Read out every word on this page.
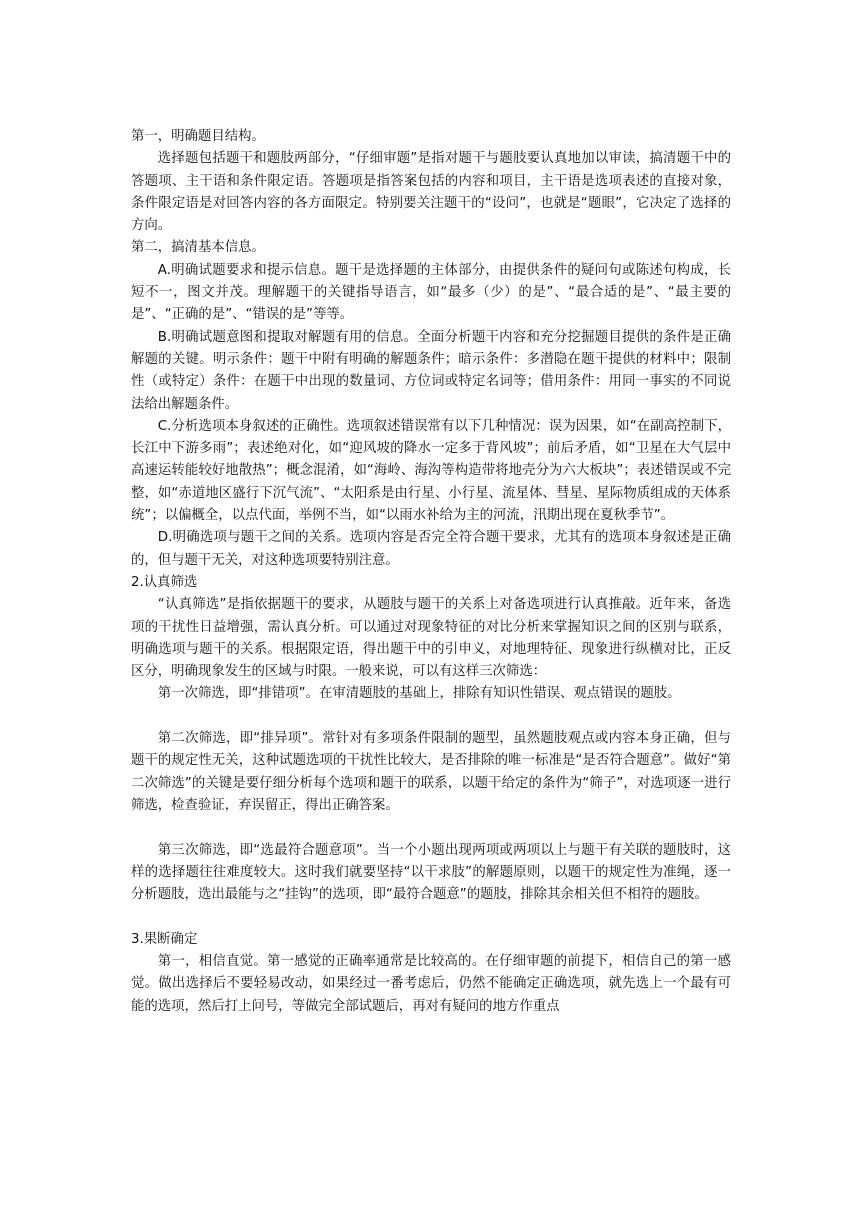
第一，明确题目结构。

选择题包括题干和题肢两部分，“仔细审题”是指对题干与题肢要认真地加以审读，搞清题干中的答题项、主干语和条件限定语。答题项是指答案包括的内容和项目，主干语是选项表述的直接对象，条件限定语是对回答内容的各方面限定。特别要关注题干的“设问”，也就是“题眼”，它决定了选择的方向。

第二，搞清基本信息。

A.明确试题要求和提示信息。题干是选择题的主体部分，由提供条件的疑问句或陈述句构成，长短不一，图文并茂。理解题干的关键指导语言，如“最多（少）的是”、“最合适的是”、“最主要的是”、“正确的是”、“错误的是”等等。

B.明确试题意图和提取对解题有用的信息。全面分析题干内容和充分挖掘题目提供的条件是正确解题的关键。明示条件：题干中附有明确的解题条件；暗示条件：多潜隐在题干提供的材料中；限制性（或特定）条件：在题干中出现的数量词、方位词或特定名词等；借用条件：用同一事实的不同说法给出解题条件。

C.分析选项本身叙述的正确性。选项叙述错误常有以下几种情况：误为因果，如“在副高控制下，长江中下游多雨”；表述绝对化，如“迎风坡的降水一定多于背风坡”；前后矛盾，如“卫星在大气层中高速运转能较好地散热”；概念混淆，如“海岭、海沟等构造带将地壳分为六大板块”；表述错误或不完整，如“赤道地区盛行下沉气流”、“太阳系是由行星、小行星、流星体、彗星、星际物质组成的天体系统”；以偏概全，以点代面，举例不当，如“以雨水补给为主的河流，汛期出现在夏秋季节”。

D.明确选项与题干之间的关系。选项内容是否完全符合题干要求，尤其有的选项本身叙述是正确的，但与题干无关，对这种选项要特别注意。

2.认真筛选

“认真筛选”是指依据题干的要求，从题肢与题干的关系上对备选项进行认真推敲。近年来，备选项的干扰性日益增强，需认真分析。可以通过对现象特征的对比分析来掌握知识之间的区别与联系，明确选项与题干的关系。根据限定语，得出题干中的引申义，对地理特征、现象进行纵横对比，正反区分，明确现象发生的区域与时限。一般来说，可以有这样三次筛选：

第一次筛选，即“排错项”。在审清题肢的基础上，排除有知识性错误、观点错误的题肢。

第二次筛选，即“排异项”。常针对有多项条件限制的题型，虽然题肢观点或内容本身正确，但与题干的规定性无关，这种试题选项的干扰性比较大，是否排除的唯一标准是“是否符合题意”。做好“第二次筛选”的关键是要仔细分析每个选项和题干的联系，以题干给定的条件为“筛子”，对选项逐一进行筛选，检查验证，弃误留正，得出正确答案。

第三次筛选，即“选最符合题意项”。当一个小题出现两项或两项以上与题干有关联的题肢时，这样的选择题往往难度较大。这时我们就要坚持“以干求肢”的解题原则，以题干的规定性为准绳，逐一分析题肢，选出最能与之“挂钩”的选项，即“最符合题意”的题肢，排除其余相关但不相符的题肢。

3.果断确定

第一，相信直觉。第一感觉的正确率通常是比较高的。在仔细审题的前提下，相信自己的第一感觉。做出选择后不要轻易改动，如果经过一番考虑后，仍然不能确定正确选项，就先选上一个最有可能的选项，然后打上问号，等做完全部试题后，再对有疑问的地方作重点
